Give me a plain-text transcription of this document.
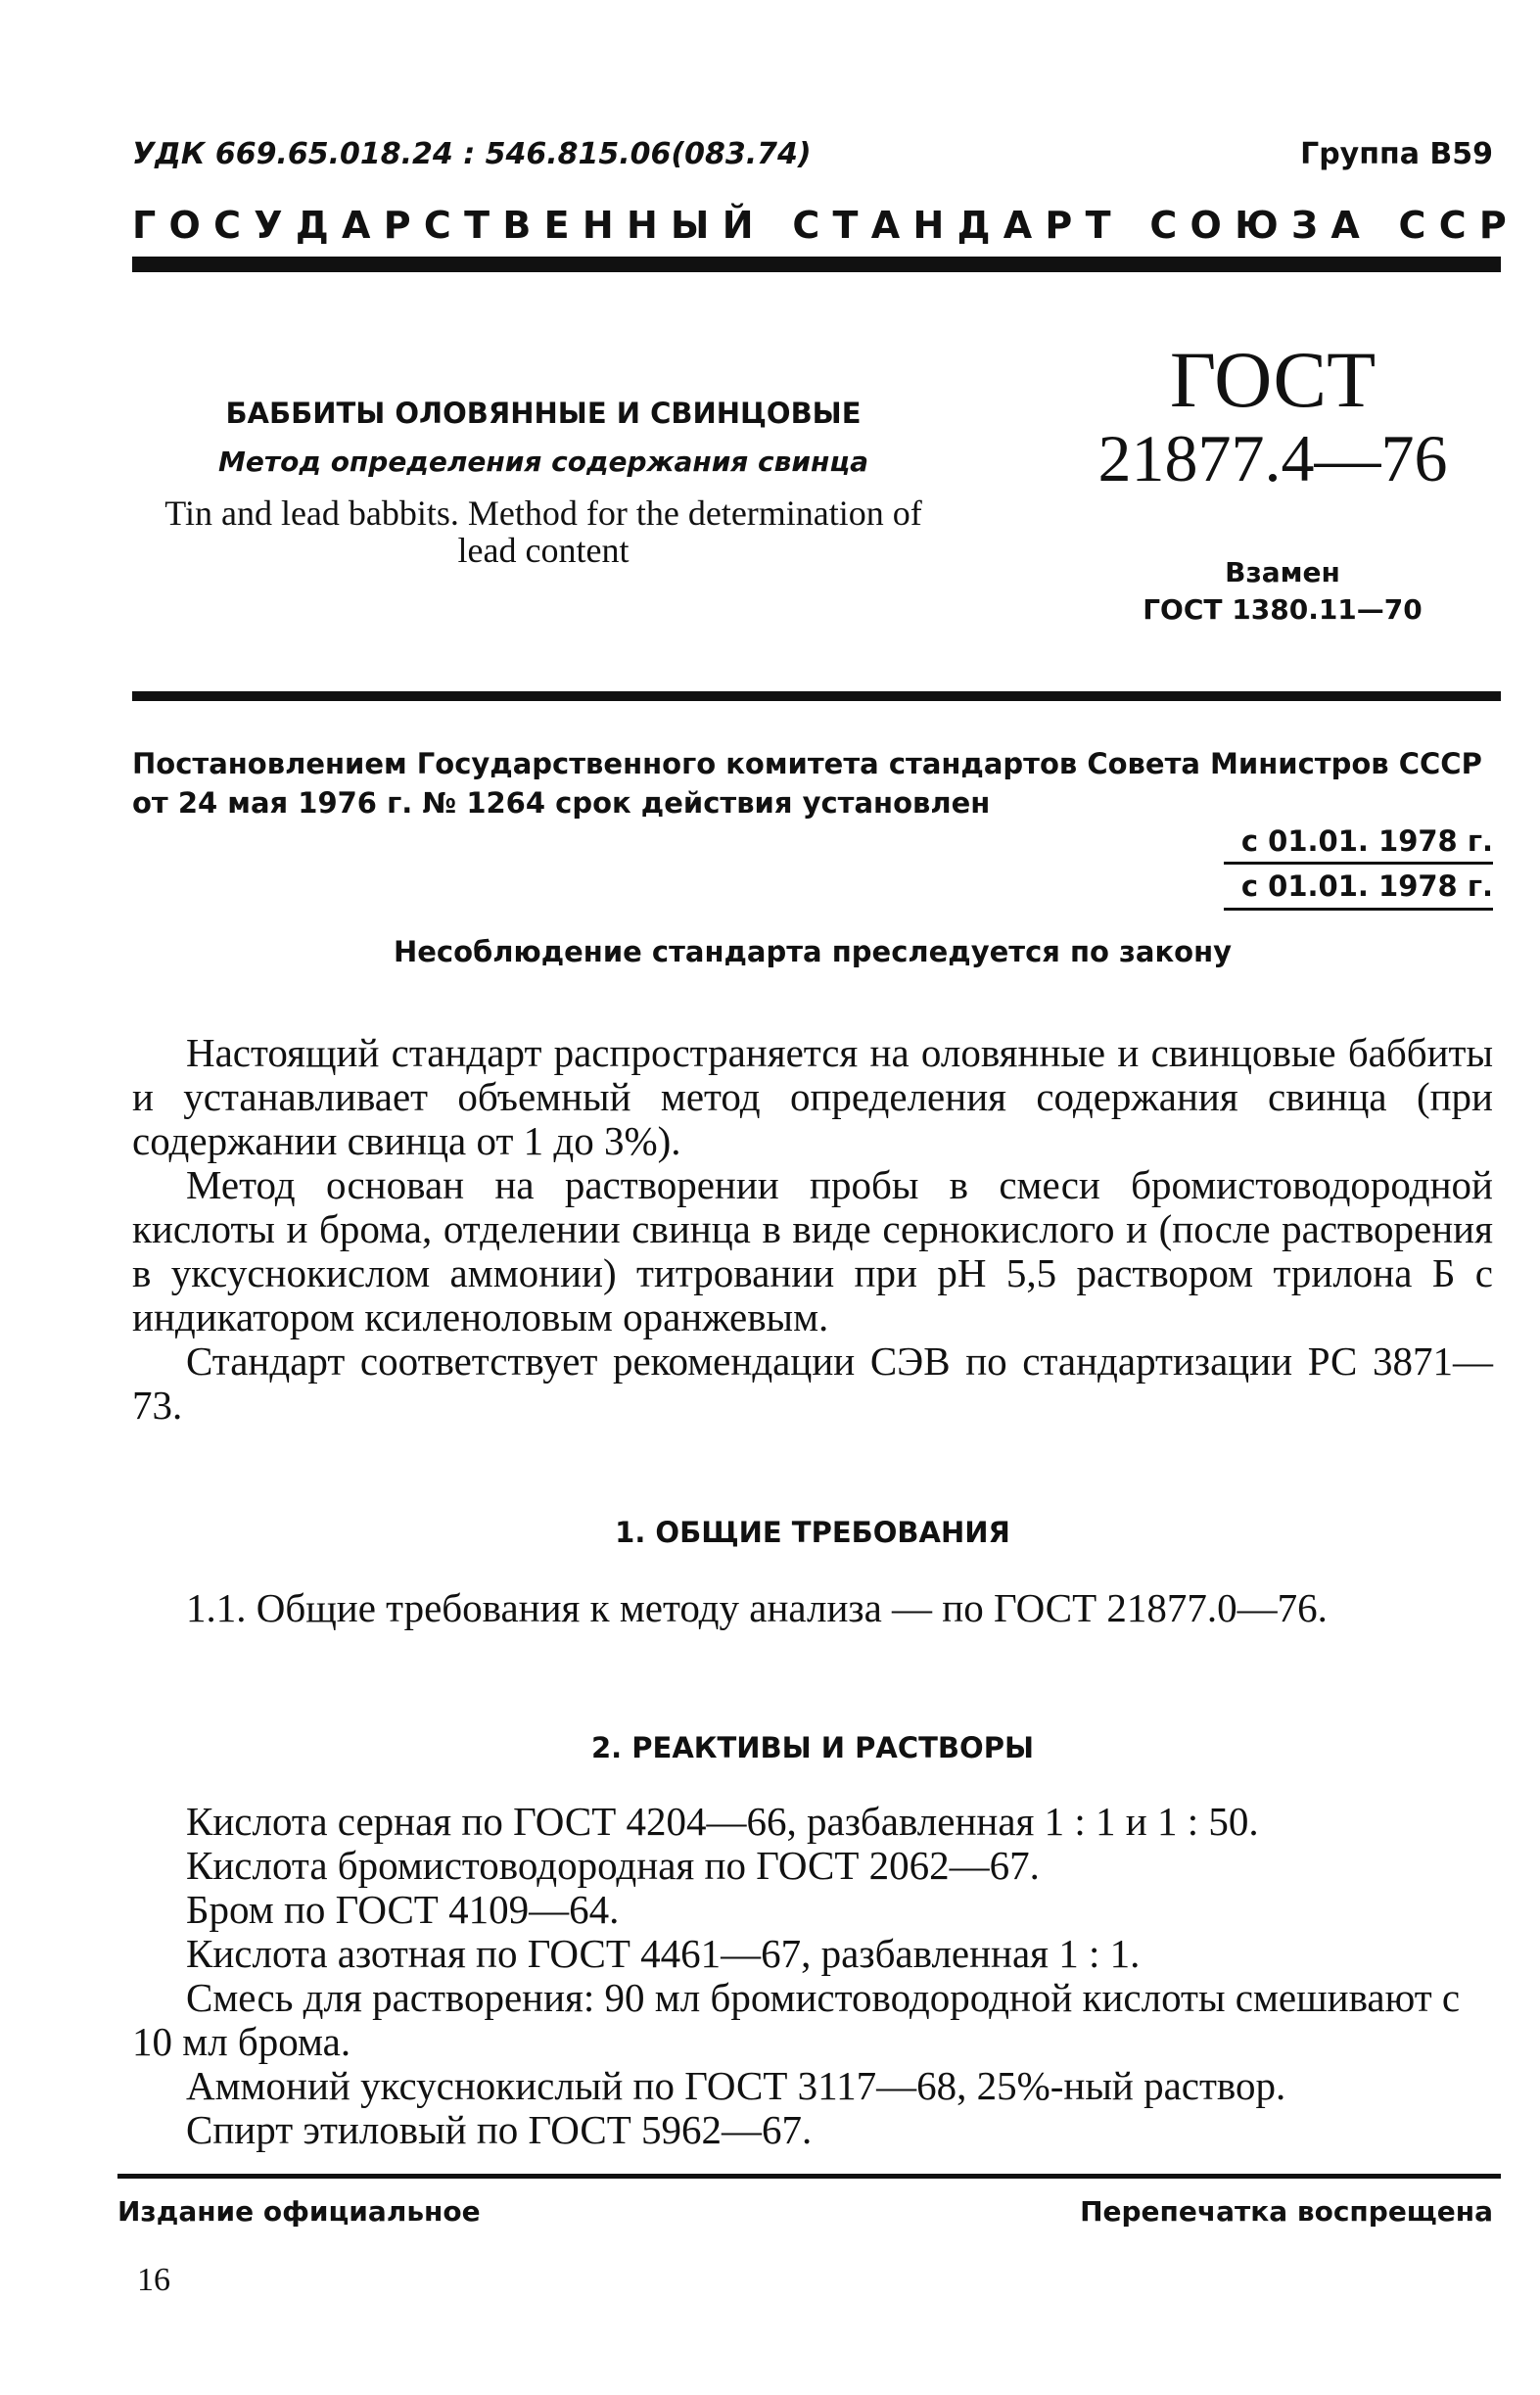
УДК 669.65.018.24 : 546.815.06(083.74)	Группа В59
ГОСУДАРСТВЕННЫЙ СТАНДАРТ СОЮЗА ССР
БАББИТЫ ОЛОВЯННЫЕ И СВИНЦОВЫЕ
Метод определения содержания свинца
Tin and lead babbits. Method for the determination of lead content
ГОСТ
21877.4—76
Взамен
ГОСТ 1380.11—70
Постановлением Государственного комитета стандартов Совета Министров СССР от 24 мая 1976 г. № 1264 срок действия установлен
с 01.01. 1978 г.
с 01.01. 1978 г.
Несоблюдение стандарта преследуется по закону

Настоящий стандарт распространяется на оловянные и свинцовые баббиты и устанавливает объемный метод определения содержания свинца (при содержании свинца от 1 до 3%).

Метод основан на растворении пробы в смеси бромистоводородной кислоты и брома, отделении свинца в виде сернокислого и (после растворения в уксуснокислом аммонии) титровании при pH 5,5 раствором трилона Б с индикатором ксиленоловым оранжевым.

Стандарт соответствует рекомендации СЭВ по стандартизации РС 3871—73.

1. ОБЩИЕ ТРЕБОВАНИЯ

1.1. Общие требования к методу анализа — по ГОСТ 21877.0—76.

2. РЕАКТИВЫ И РАСТВОРЫ

Кислота серная по ГОСТ 4204—66, разбавленная 1 : 1 и 1 : 50.

Кислота бромистоводородная по ГОСТ 2062—67.

Бром по ГОСТ 4109—64.

Кислота азотная по ГОСТ 4461—67, разбавленная 1 : 1.

Смесь для растворения: 90 мл бромистоводородной кислоты смешивают с 10 мл брома.

Аммоний уксуснокислый по ГОСТ 3117—68, 25%-ный раствор.

Спирт этиловый по ГОСТ 5962—67.

Издание официальное	Перепечатка воспрещена
16
